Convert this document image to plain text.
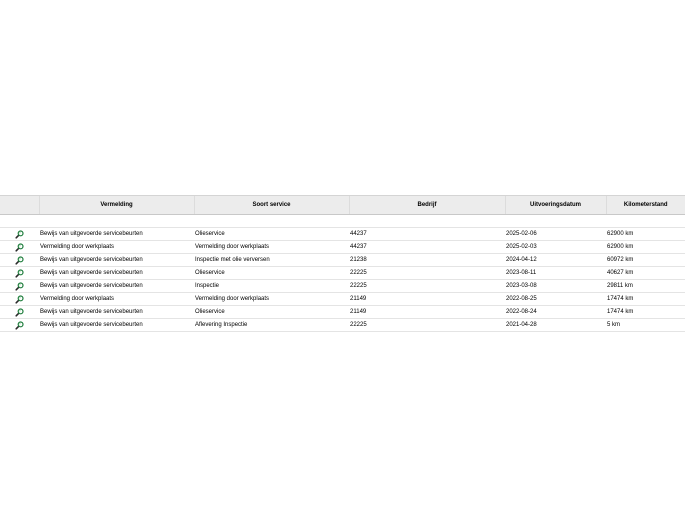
	Vermelding	Soort service	Bedrijf	Uitvoeringsdatum	Kilometerstand

	Bewijs van uitgevoerde servicebeurten	Olieservice	44237	2025-02-06	62900 km

	Vermelding door werkplaats	Vermelding door werkplaats	44237	2025-02-03	62900 km

	Bewijs van uitgevoerde servicebeurten	Inspectie met olie verversen	21238	2024-04-12	60972 km

	Bewijs van uitgevoerde servicebeurten	Olieservice	22225	2023-08-11	40627 km

	Bewijs van uitgevoerde servicebeurten	Inspectie	22225	2023-03-08	29811 km

	Vermelding door werkplaats	Vermelding door werkplaats	21149	2022-08-25	17474 km

	Bewijs van uitgevoerde servicebeurten	Olieservice	21149	2022-08-24	17474 km

	Bewijs van uitgevoerde servicebeurten	Aflevering Inspectie	22225	2021-04-28	5 km
